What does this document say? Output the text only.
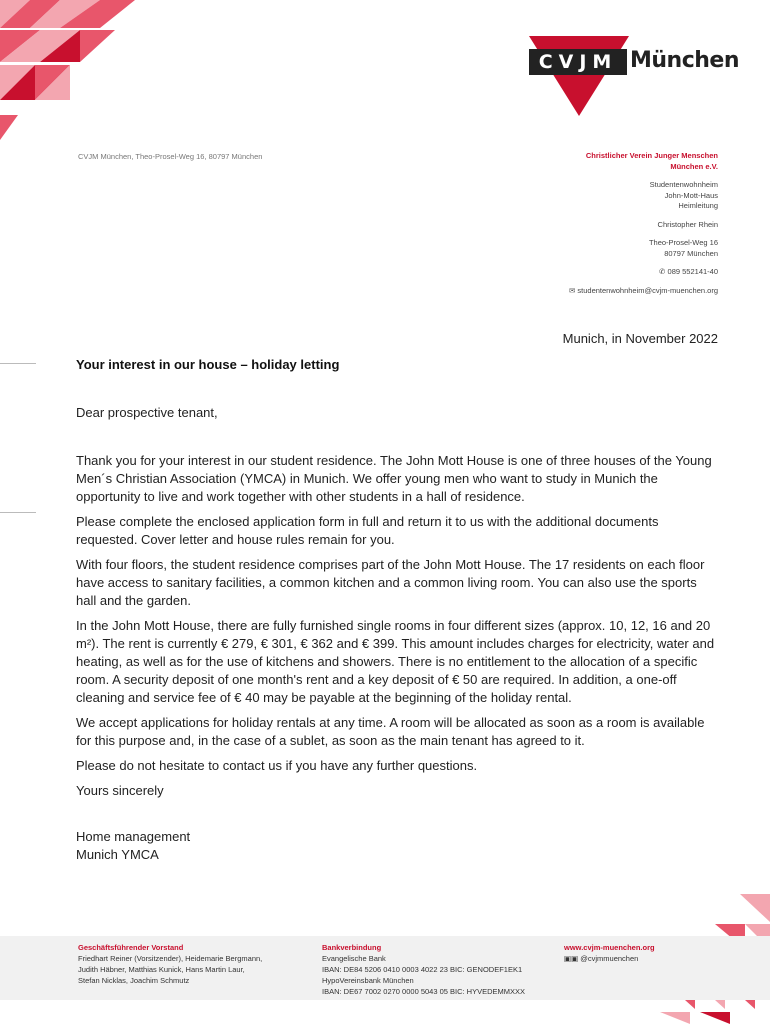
CVJM München
CVJM München, Theo-Prosel-Weg 16, 80797 München	Christlicher Verein Junger Menschen
München e.V.
Studentenwohnheim
John-Mott-Haus
Heimleitung
Christopher Rhein
Theo-Prosel-Weg 16
80797 München
✆ 089 552141-40
✉ studentenwohnheim@cvjm-muenchen.org
Munich, in November 2022
Your interest in our house – holiday letting

Dear prospective tenant,

Thank you for your interest in our student residence. The John Mott House is one of three houses of the Young Men´s Christian Association (YMCA) in Munich. We offer young men who want to study in Munich the opportunity to live and work together with other students in a hall of residence.

Please complete the enclosed application form in full and return it to us with the additional documents requested. Cover letter and house rules remain for you.

With four floors, the student residence comprises part of the John Mott House. The 17 residents on each floor have access to sanitary facilities, a common kitchen and a common living room. You can also use the sports hall and the garden.

In the John Mott House, there are fully furnished single rooms in four different sizes (approx. 10, 12, 16 and 20 m²). The rent is currently € 279, € 301, € 362 and € 399. This amount includes charges for electricity, water and heating, as well as for the use of kitchens and showers. There is no entitlement to the allocation of a specific room. A security deposit of one month's rent and a key deposit of € 50 are required. In addition, a one-off cleaning and service fee of € 40 may be payable at the beginning of the holiday rental.

We accept applications for holiday rentals at any time. A room will be allocated as soon as a room is available for this purpose and, in the case of a sublet, as soon as the main tenant has agreed to it.

Please do not hesitate to contact us if you have any further questions.

Yours sincerely

Home management
Munich YMCA
Geschäftsführender Vorstand
Friedhart Reiner (Vorsitzender), Heidemarie Bergmann,
Judith Häbner, Matthias Kunick, Hans Martin Laur,
Stefan Nicklas, Joachim Schmutz
Bankverbindung
Evangelische Bank
IBAN: DE84 5206 0410 0003 4022 23 BIC: GENODEF1EK1
HypoVereinsbank München
IBAN: DE67 7002 0270 0000 5043 05 BIC: HYVEDEMMXXX
www.cvjm-muenchen.org
▣▣ @cvjmmuenchen
